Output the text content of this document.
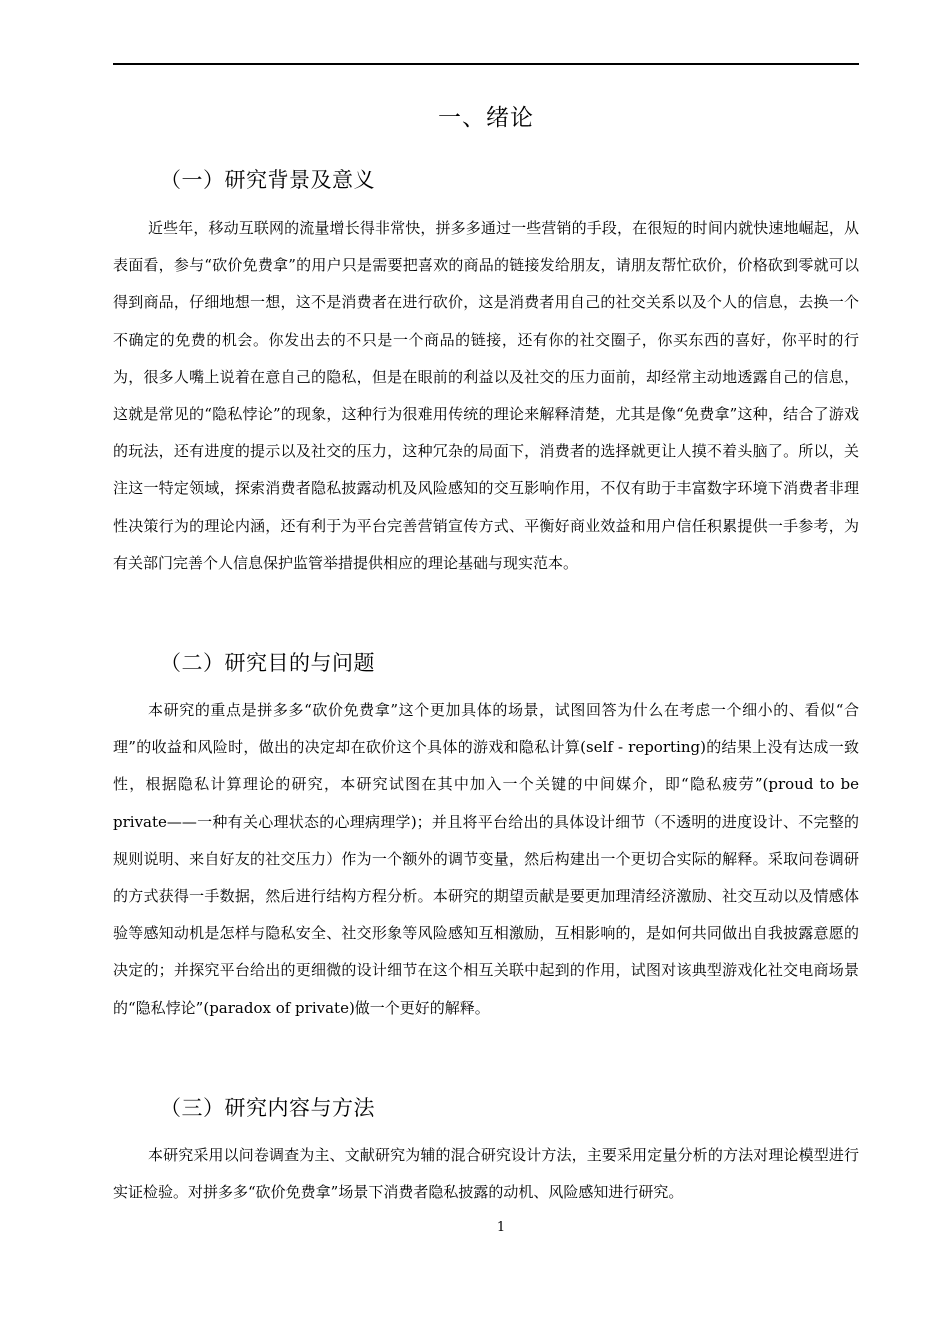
一、绪论
（一）研究背景及意义

近些年，移动互联网的流量增长得非常快，拼多多通过一些营销的手段，在很短的时间内就快速地崛起，从表面看，参与“砍价免费拿”的用户只是需要把喜欢的商品的链接发给朋友，请朋友帮忙砍价，价格砍到零就可以得到商品，仔细地想一想，这不是消费者在进行砍价，这是消费者用自己的社交关系以及个人的信息，去换一个不确定的免费的机会。你发出去的不只是一个商品的链接，还有你的社交圈子，你买东西的喜好，你平时的行为，很多人嘴上说着在意自己的隐私，但是在眼前的利益以及社交的压力面前，却经常主动地透露自己的信息，这就是常见的“隐私悖论”的现象，这种行为很难用传统的理论来解释清楚，尤其是像“免费拿”这种，结合了游戏的玩法，还有进度的提示以及社交的压力，这种冗杂的局面下，消费者的选择就更让人摸不着头脑了。所以，关注这一特定领域，探索消费者隐私披露动机及风险感知的交互影响作用，不仅有助于丰富数字环境下消费者非理性决策行为的理论内涵，还有利于为平台完善营销宣传方式、平衡好商业效益和用户信任积累提供一手参考，为有关部门完善个人信息保护监管举措提供相应的理论基础与现实范本。

（二）研究目的与问题

本研究的重点是拼多多“砍价免费拿”这个更加具体的场景，试图回答为什么在考虑一个细小的、看似“合理”的收益和风险时，做出的决定却在砍价这个具体的游戏和隐私计算(self - reporting)的结果上没有达成一致性，根据隐私计算理论的研究，本研究试图在其中加入一个关键的中间媒介，即“隐私疲劳”(proud to be private——一种有关心理状态的心理病理学)；并且将平台给出的具体设计细节（不透明的进度设计、不完整的规则说明、来自好友的社交压力）作为一个额外的调节变量，然后构建出一个更切合实际的解释。采取问卷调研的方式获得一手数据，然后进行结构方程分析。本研究的期望贡献是要更加理清经济激励、社交互动以及情感体验等感知动机是怎样与隐私安全、社交形象等风险感知互相激励，互相影响的，是如何共同做出自我披露意愿的决定的；并探究平台给出的更细微的设计细节在这个相互关联中起到的作用，试图对该典型游戏化社交电商场景的“隐私悖论”(paradox of private)做一个更好的解释。

（三）研究内容与方法

本研究采用以问卷调查为主、文献研究为辅的混合研究设计方法，主要采用定量分析的方法对理论模型进行实证检验。对拼多多“砍价免费拿”场景下消费者隐私披露的动机、风险感知进行研究。

1
